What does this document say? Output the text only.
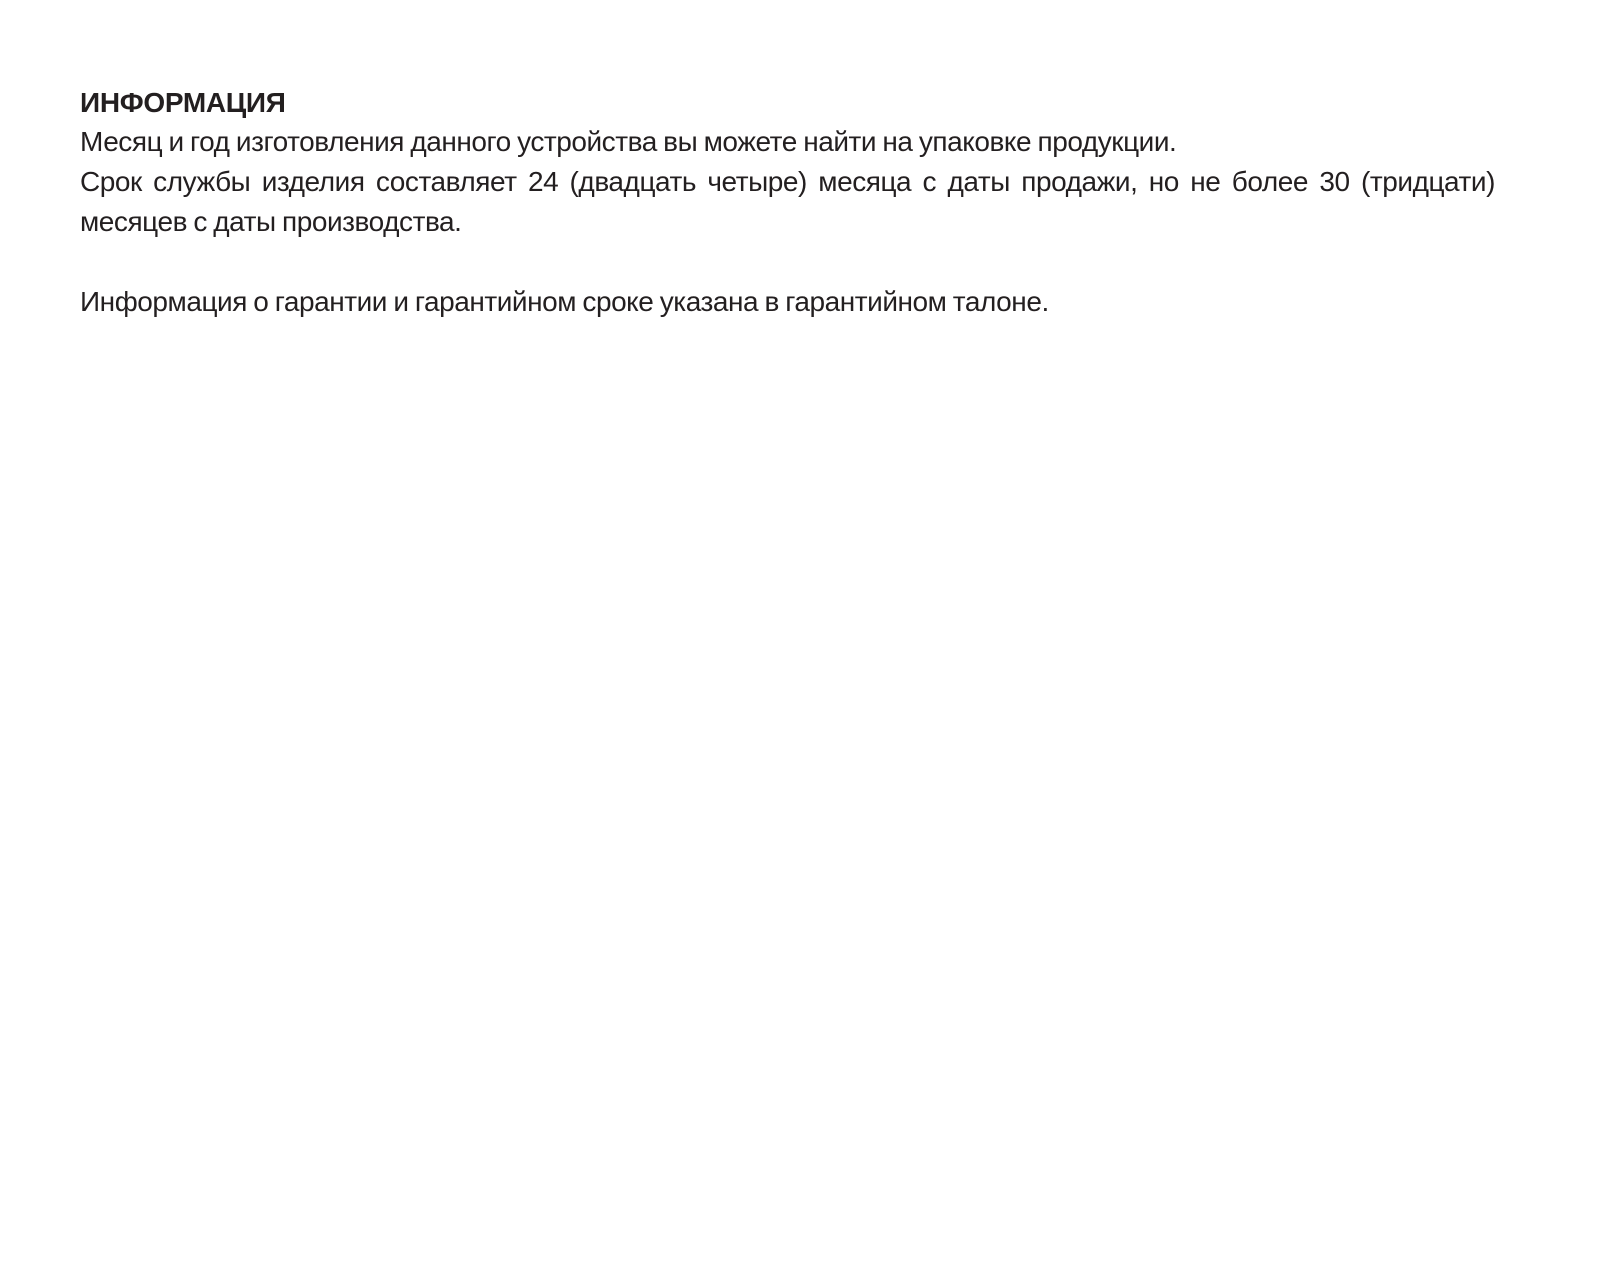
ИНФОРМАЦИЯ

Месяц и год изготовления данного устройства вы можете найти на упаковке продукции.

Срок службы изделия составляет 24 (двадцать четыре) месяца с даты продажи, но не более 30 (тридцати) месяцев с даты производства.

Информация о гарантии и гарантийном сроке указана в гарантийном талоне.
